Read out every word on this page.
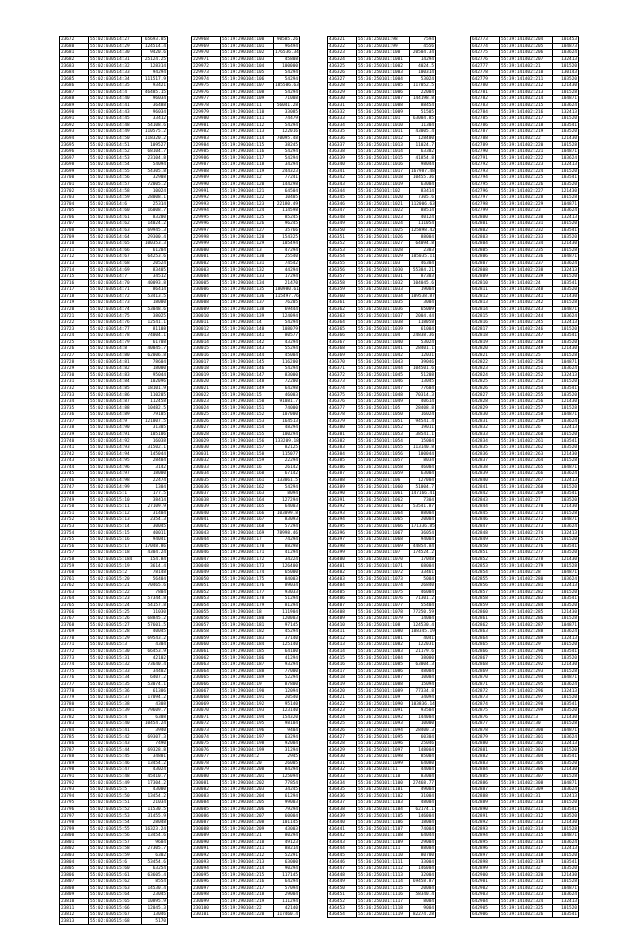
23672	55:02:030514:27	65693.05
23680	55:02:030514:29	124514.4
23681	55:02:030514:30	9420.6
23682	55:02:030514:31	25124.25
23683	55:02:030514:32	128314
23684	55:02:030514:33	94294
23685	55:02:030514:34	111517.9
23686	55:02:030514:35	93421
23687	55:02:030514:4	46485.15
23688	55:02:030514:40	96034
23689	55:02:030514:41	36488
23690	55:02:030514:43	96034
23691	55:02:030514:45	33412
23692	55:02:030514:48	54108.6
23693	55:02:030514:49	110575.2
23694	55:02:030514:50	118320.2
23695	55:02:030514:51	109527
23696	55:02:030514:52	68104.7
23697	55:02:030514:53	23104.8
23698	55:02:030514:54	54094
23699	55:02:030514:55	54305.8
23700	55:02:030514:56	32908
23701	55:02:030514:57	72005.2
23702	55:02:030514:58	10024
23703	55:02:030514:59	28008.1
23704	55:02:030514:6	25314
23705	55:02:030514:60	16008.7
23706	55:02:030514:61	83200
23707	55:02:030514:62	14024.2
23708	55:02:030514:63	69945.3
23709	55:02:030514:64	29300.4
23710	55:02:030514:65	100353.3
23711	55:02:030514:66	61204
23712	55:02:030514:67	64253.6
23713	55:02:030514:68	20524
23714	55:02:030514:69	83405
23715	55:02:030514:7	34512
23716	55:02:030514:70	40093.8
23717	55:02:030514:71	86414
23718	55:02:030514:72	53413.5
23719	55:02:030514:73	18000
23720	55:02:030514:74	53048.6
23721	55:02:030514:75	38025
23722	55:02:030514:76	12541.1
23723	55:02:030514:77	81108
23724	55:02:030514:78	74004.1
23725	55:02:030514:79	61708
23726	55:02:030514:8	40045.7
23727	55:02:030514:80	62006.8
23728	55:02:030514:81	78604
23729	55:02:030514:82	18000
23730	55:02:030514:83	95044
23731	55:02:030514:84	102096
23732	55:02:030514:85	18101.9
23733	55:02:030514:86	110205
23734	55:02:030514:87	112458
23735	55:02:030514:88	10482.5
23736	55:02:030514:89	79105
23737	55:02:030514:9	121007.5
23738	55:02:030514:90	31305
23739	55:02:030514:91	105106
23740	55:02:030514:92	16038
23741	55:02:030514:93	31502.1
23742	55:02:030514:94	145044
23743	55:02:030514:95	28404
23744	55:02:030514:96	3142
23745	55:02:030514:97	18000
23746	55:02:030514:98	22474
23747	55:02:030514:99	1304
23748	55:02:030515:1	177.5
23749	55:02:030515:10	38414
23750	55:02:030515:11	27109.9
23751	55:02:030515:12	31404
23752	55:02:030515:13	2354.3
23753	55:02:030515:14	30045
23754	55:02:030515:15	40011
23755	55:02:030515:16	94041
23756	55:02:030515:17	17048.86
23757	55:02:030515:18	4304.24
23758	55:02:030515:184	154.84
23759	55:02:030515:19	3614.4
23760	55:02:030515:2	78148
23761	55:02:030515:20	56404
23762	55:02:030515:21	70465.6
23763	55:02:030515:22	7804
23764	55:02:030515:23	57344.8
23765	55:02:030515:24	54157.8
23766	55:02:030515:25	11030
23767	55:02:030515:26	68845.2
23768	55:02:030515:27	57601.5
23769	55:02:030515:28	40045
23770	55:02:030515:29	69543.2
23771	55:02:030515:3	4304
23772	55:02:030515:30	66453.9
23773	55:02:030515:31	42102
23774	55:02:030515:32	73640.4
23775	55:02:030515:33	34402
23776	55:02:030515:34	6407.2
23777	55:02:030515:35	53074.1
23778	55:02:030515:36	61306
23779	55:02:030515:37	17094.2
23780	55:02:030515:38	4308
23781	55:02:030515:39	79609.7
23782	55:02:030515:4	6308
23783	55:02:030515:40	10454.24
23784	55:02:030515:41	3940
23785	55:02:030515:42	69307.3
23786	55:02:030515:43	7490
23787	55:02:030515:44	69328.8
23788	55:02:030515:45	34801
23789	55:02:030515:46	13454.2
23790	55:02:030515:47	43024
23791	55:02:030515:48	45410.7
23792	55:02:030515:49	17304.2
23793	55:02:030515:5	43000
23794	55:02:030515:50	13454.2
23795	55:02:030515:51	21034
23796	55:02:030515:52	11530.5
23797	55:02:030515:53	31455.9
23798	55:02:030515:54	28048
23799	55:02:030515:55	16323.24
23800	55:02:030515:56	13454.6
23801	55:02:030515:57	9604
23802	55:02:030515:58	27305.7
23803	55:02:030515:59	6302
23804	55:02:030515:6	53454.6
23805	55:02:030515:60	63254
23806	55:02:030515:61	63605.4
23807	55:02:030515:62	8554
23808	55:02:030515:63	14530.4
23809	55:02:030515:64	23045
23810	55:02:030515:65	10895.9
23811	55:02:030515:66	12045.3
23812	55:02:030515:67	13046
23813	55:02:030515:68	5170
229968	55:19:290104:100	90585.26
229969	55:19:290104:101	96494
229970	55:19:290104:102	176536.34
229971	55:19:290104:103	45808
229972	55:19:290104:104	100000
229973	55:19:290104:105	54294
229974	55:19:290104:106	54294
229975	55:19:290104:107	185506.63
229976	55:19:290104:108	54294
229977	55:19:290104:109	71008
229978	55:19:290104:11	56041.28
229979	55:19:290104:110	33085
229980	55:19:290104:111	74479
229981	55:19:290104:112	54294
229982	55:19:290104:113	122016
229983	55:19:290104:114	70095.48
229984	55:19:290104:115	38245
229985	55:19:290104:116	54294
229986	55:19:290104:117	54294
229987	55:19:290104:118	34294
229988	55:19:290104:119	244323
229989	55:19:290104:12	77241
229990	55:19:290104:120	144298
229991	55:19:290104:121	64504
229992	55:19:290104:122	10405
229993	55:19:290104:123	22180.49
229994	55:19:290104:124	114598
229995	55:19:290104:125	85245
229996	55:19:290104:126	96245
229997	55:19:290104:127	35766
229998	55:19:290104:128	154325
229999	55:19:290104:129	105494
230000	55:19:290104:13	47294
230001	55:19:290104:130	25540
230002	55:19:290104:131	74542
230003	55:19:290104:132	44294
230004	55:19:290104:133	17294
230005	55:19:290104:134	21470
230006	55:19:290104:135	180980.61
230007	55:19:290104:136	115497.76
230008	55:19:290104:137	76205
230009	55:19:290104:138	69444
230010	55:19:290104:139	124094
230011	55:19:290104:14	54294
230012	55:19:290104:140	108079
230013	55:19:290104:141	80577
230014	55:19:290104:142	43294
230015	55:19:290104:143	55294
230016	55:19:290104:144	45004
230017	55:19:290104:145	116200
230018	55:19:290104:146	54294
230019	55:19:290104:147	83000
230020	55:19:290104:148	72200
230021	55:19:290104:149	64298
230022	55:19:290104:15	46003
230023	55:19:290104:150	91081.7
230024	55:19:290104:151	74000
230025	55:19:290104:152	107000
230026	55:19:290104:153	164513
230027	55:19:290104:154	48294
230028	55:19:290104:155	100294
230029	55:19:290104:156	133209.18
230030	55:19:290104:157	82125
230031	55:19:290104:158	115077
230032	55:19:290104:159	22294
230033	55:19:290104:16	26142
230034	55:19:290104:160	67142
230035	55:19:290104:161	133061.5
230036	55:19:290104:162	54294
230037	55:19:290104:163	8094
230038	55:19:290104:164	127294
230039	55:19:290104:165	64003
230040	55:19:290104:166	103099.8
230041	55:19:290104:167	83093
230042	55:19:290104:168	57294
230043	55:19:290104:169	78998.46
230044	55:19:290104:17	74294
230045	55:19:290104:170	88298
230046	55:19:290104:171	41294
230047	55:19:290104:172	34224
230048	55:19:290104:173	126400
230049	55:19:290104:174	65000
230050	55:19:290104:175	84003
230051	55:19:290104:176	89034
230052	55:19:290104:177	93033
230053	55:19:290104:178	51294
230054	55:19:290104:179	81294
230055	55:19:290104:18	111904
230056	55:19:290104:180	120003
230057	55:19:290104:181	97145
230058	55:19:290104:182	45294
230059	55:19:290104:183	37140
230060	55:19:290104:184	125140
230061	55:19:290104:185	64100
230062	55:19:290104:186	41294
230063	55:19:290104:187	93294
230064	55:19:290104:188	77000
230065	55:19:290104:189	52294
230066	55:19:290104:19	87800
230067	55:19:290104:190	12094
230068	55:19:290104:191	20540
230069	55:19:290104:192	95140
230070	55:19:290104:193	123140
230071	55:19:290104:194	154320
230072	55:19:290104:195	98104
230073	55:19:290104:196	9404
230074	55:19:290104:197	63294
230075	55:19:290104:198	92004
230076	55:19:290104:199	31294
230077	55:19:290104:2	2945
230078	55:19:290104:20	26005
230079	55:19:290104:200	84294
230080	55:19:290104:201	125094
230081	55:19:290104:202	77854
230082	55:19:290104:203	34245
230083	55:19:290104:204	61294
230084	55:19:290104:205	99003
230085	55:19:290104:206	79294
230086	55:19:290104:207	60004
230087	55:19:290104:208	101145
230088	55:19:290104:209	43003
230089	55:19:290104:21	80294
230090	55:19:290104:210	49123
230091	55:19:290104:211	88214
230092	55:19:290104:212	52291
230093	55:19:290104:213	63000
230094	55:19:290104:214	90294
230095	55:19:290104:215	117145
230096	55:19:290104:216	64294
230097	55:19:290104:217	57094
230098	55:19:290104:218	29004
230099	55:19:290104:219	111294
230100	55:19:290104:22	42140
230101	55:19:290104:220	117460.4
436321	55:36:250101:98	7594
436322	55:36:250101:99	4556
436323	55:36:250101:100	20504.34
436324	55:36:250101:1001	14294
436325	55:36:250101:1002	4024.5
436326	55:36:250101:1003	100314
436327	55:36:250101:1004	53024
436328	55:36:250101:1005	117052.5
436329	55:36:250101:1006	22004
436330	55:36:250101:1007	144198.8
436331	55:36:250101:1008	88454
436332	55:36:250101:1009	51505
436333	55:36:250101:101	63004.85
436334	55:36:250101:1010	11304
436335	55:36:250101:1011	43005.4
436336	55:36:250101:1012	128400
436337	55:36:250101:1013	11024.7
436338	55:36:250101:1014	63302
436339	55:36:250101:1015	41854.8
436340	55:36:250101:1016	98044
436341	55:36:250101:1017	167987.48
436342	55:36:250101:1018	10455.36
436343	55:36:250101:1019	63004
436344	55:36:250101:102	83414
436345	55:36:250101:1020	7305.6
436346	55:36:250101:1021	112006.63
436347	55:36:250101:1022	88514
436348	55:36:250101:1023	40124
436349	55:36:250101:1024	111054
436350	55:36:250101:1025	125898.42
436351	55:36:250101:1026	88004
436352	55:36:250101:1027	64094.8
436353	55:36:250101:1028	2303
436354	55:36:250101:1029	105035.11
436355	55:36:250101:103	46304
436356	55:36:250101:1030	55384.21
436357	55:36:250101:1031	87303
436358	55:36:250101:1032	104045.6
436359	55:36:250101:1033	19004
436360	55:36:250101:1034	109538.87
436361	55:36:250101:1035	3004
436362	55:36:250101:1036	65009
436363	55:36:250101:1037	2004.44
436364	55:36:250101:1038	118058
436365	55:36:250101:1039	61004
436366	55:36:250101:104	24838.36
436367	55:36:250101:1040	53024
436368	55:36:250101:1041	28401.1
436369	55:36:250101:1042	12031
436370	55:36:250101:1043	39046
436371	55:36:250101:1044	104501.6
436372	55:36:250101:1045	51208
436373	55:36:250101:1046	13045
436374	55:36:250101:1047	77604
436375	55:36:250101:1048	70314.3
436376	55:36:250101:1049	40614
436377	55:36:250101:105	28408.8
436378	55:36:250101:1050	16024
436379	55:36:250101:1051	94541.4
436380	55:36:250101:1052	19011
436381	55:36:250101:1053	38541.1
436382	55:36:250101:1054	15004
436383	55:36:250101:1055	113140.8
436384	55:36:250101:1056	100044
436385	55:36:250101:1057	8034
436386	55:36:250101:1058	46004
436387	55:36:250101:1059	63004
436388	55:36:250101:106	127004
436389	55:36:250101:1060	51004.7
436390	55:36:250101:1061	147166.41
436391	55:36:250101:1062	7304
436392	55:36:250101:1063	53541.87
436393	55:36:250101:1064	88004
436394	55:36:250101:1065	20004
436395	55:36:250101:1066	171336.85
436396	55:36:250101:1067	36054
436397	55:36:250101:1068	94004
436398	55:36:250101:1069	44854.84
436399	55:36:250101:107	174524.2
436400	55:36:250101:1070	17048
436401	55:36:250101:1071	68004
436402	55:36:250101:1072	33461
436403	55:36:250101:1073	5004
436404	55:36:250101:1074	26840
436405	55:36:250101:1075	46004
436406	55:36:250101:1076	71301.2
436407	55:36:250101:1077	55404
436408	55:36:250101:1078	77250.59
436409	55:36:250101:1079	14004
436410	55:36:250101:108	124530.4
436411	55:36:250101:1080	108345.19
436412	55:36:250101:1081	4041
436413	55:36:250101:1082	122031
436414	55:36:250101:1083	21179.6
436415	55:36:250101:1084	38000
436416	55:36:250101:1085	63004.3
436417	55:36:250101:1086	48004
436418	55:36:250101:1087	10004
436419	55:36:250101:1088	15094
436420	55:36:250101:1089	77334.8
436421	55:36:250101:109	34094
436422	55:36:250101:1090	103836.14
436423	55:36:250101:1091	93504
436424	55:36:250101:1092	144004
436425	55:36:250101:1093	10000
436426	55:36:250101:1094	28400.3
436427	55:36:250101:1095	60304
436428	55:36:250101:1096	25046
436429	55:36:250101:1097	148004
436430	55:36:250101:1098	85004
436431	55:36:250101:1099	64080
436432	55:36:250101:11	44004
436433	55:36:250101:110	83004
436434	55:36:250101:1100	27468.77
436435	55:36:250101:1101	49004
436436	55:36:250101:1102	31004
436437	55:36:250101:1103	48004
436438	55:36:250101:1104	62174.1
436439	55:36:250101:1105	146004
436440	55:36:250101:1106	18004
436441	55:36:250101:1107	74004
436442	55:36:250101:1108	64044
436443	55:36:250101:1109	29004
436444	55:36:250101:111	88004
436445	55:36:250101:1110	80700
436446	55:36:250101:1111	33004
436447	55:36:250101:1112	146004
436448	55:36:250101:1113	32004
436449	55:36:250101:1114	69458.87
436450	55:36:250101:1115	20004
436451	55:36:250101:1116	58340.4
436452	55:36:250101:1117	8004
436453	55:36:250101:1118	9004
436454	55:36:250101:1119	82274.28
642773	55:39:141402:204	101453
642774	55:39:141402:205	104873
642775	55:39:141402:206	103624
642776	55:39:141402:207	132413
642777	55:39:141402:21	101520
642778	55:39:141402:210	130143
642779	55:39:141402:211	103520
642780	55:39:141402:212	121430
642781	55:39:141402:213	101528
642782	55:39:141402:214	104871
642783	55:39:141402:215	103624
642784	55:39:141402:216	132413
642785	55:39:141402:217	101520
642786	55:39:141402:218	103541
642787	55:39:141402:219	103520
642788	55:39:141402:22	121430
642789	55:39:141402:220	101528
642790	55:39:141402:221	104871
642791	55:39:141402:222	103624
642792	55:39:141402:223	132413
642793	55:39:141402:224	101520
642794	55:39:141402:225	103541
642795	55:39:141402:226	103520
642796	55:39:141402:227	121430
642797	55:39:141402:228	101528
642798	55:39:141402:229	104871
642799	55:39:141402:23	103624
642800	55:39:141402:230	132413
642801	55:39:141402:231	101520
642802	55:39:141402:232	103541
642803	55:39:141402:233	103520
642804	55:39:141402:234	121430
642805	55:39:141402:235	101528
642806	55:39:141402:236	104871
642807	55:39:141402:237	103624
642808	55:39:141402:238	132413
642809	55:39:141402:239	101520
642810	55:39:141402:24	103541
642811	55:39:141402:240	103520
642812	55:39:141402:241	121430
642813	55:39:141402:242	101528
642814	55:39:141402:243	104871
642815	55:39:141402:244	103624
642816	55:39:141402:245	132413
642817	55:39:141402:246	101520
642818	55:39:141402:247	103541
642819	55:39:141402:248	103520
642820	55:39:141402:249	121430
642821	55:39:141402:25	101528
642822	55:39:141402:250	104871
642823	55:39:141402:251	103624
642824	55:39:141402:252	132413
642825	55:39:141402:253	101520
642826	55:39:141402:254	103541
642827	55:39:141402:255	103520
642828	55:39:141402:256	121430
642829	55:39:141402:257	101528
642830	55:39:141402:258	104871
642831	55:39:141402:259	103624
642832	55:39:141402:26	132413
642833	55:39:141402:260	101520
642834	55:39:141402:261	103541
642835	55:39:141402:262	103520
642836	55:39:141402:263	121430
642837	55:39:141402:264	101528
642838	55:39:141402:265	104871
642839	55:39:141402:266	103624
642840	55:39:141402:267	132413
642841	55:39:141402:268	101520
642842	55:39:141402:269	103541
642843	55:39:141402:27	103520
642844	55:39:141402:270	121430
642845	55:39:141402:271	101528
642846	55:39:141402:272	104871
642847	55:39:141402:273	103624
642848	55:39:141402:274	132413
642849	55:39:141402:275	101520
642850	55:39:141402:276	103541
642851	55:39:141402:277	103520
642852	55:39:141402:278	121430
642853	55:39:141402:279	101528
642854	55:39:141402:28	104871
642855	55:39:141402:280	103624
642856	55:39:141402:281	132413
642857	55:39:141402:282	101520
642858	55:39:141402:283	103541
642859	55:39:141402:284	103520
642860	55:39:141402:285	121430
642861	55:39:141402:286	101528
642862	55:39:141402:287	104871
642863	55:39:141402:288	103624
642864	55:39:141402:289	132413
642865	55:39:141402:29	101520
642866	55:39:141402:290	103541
642867	55:39:141402:291	103520
642868	55:39:141402:292	121430
642869	55:39:141402:293	101528
642870	55:39:141402:294	104871
642871	55:39:141402:295	103624
642872	55:39:141402:296	132413
642873	55:39:141402:297	101520
642874	55:39:141402:298	103541
642875	55:39:141402:299	103520
642876	55:39:141402:3	121430
642877	55:39:141402:30	101528
642878	55:39:141402:300	104871
642879	55:39:141402:301	103624
642880	55:39:141402:302	132413
642881	55:39:141402:303	101520
642882	55:39:141402:304	103541
642883	55:39:141402:305	103520
642884	55:39:141402:306	121430
642885	55:39:141402:307	101528
642886	55:39:141402:308	104871
642887	55:39:141402:309	103624
642888	55:39:141402:31	132413
642889	55:39:141402:310	101520
642890	55:39:141402:311	103541
642891	55:39:141402:312	103520
642892	55:39:141402:313	121430
642893	55:39:141402:314	101528
642894	55:39:141402:315	104871
642895	55:39:141402:316	103624
642896	55:39:141402:317	132413
642897	55:39:141402:318	101520
642898	55:39:141402:319	103541
642899	55:39:141402:32	103520
642900	55:39:141402:320	121430
642901	55:39:141402:321	101528
642902	55:39:141402:322	104871
642903	55:39:141402:323	103624
642904	55:39:141402:324	132413
642905	55:39:141402:325	101520
642906	55:39:141402:326	103541
